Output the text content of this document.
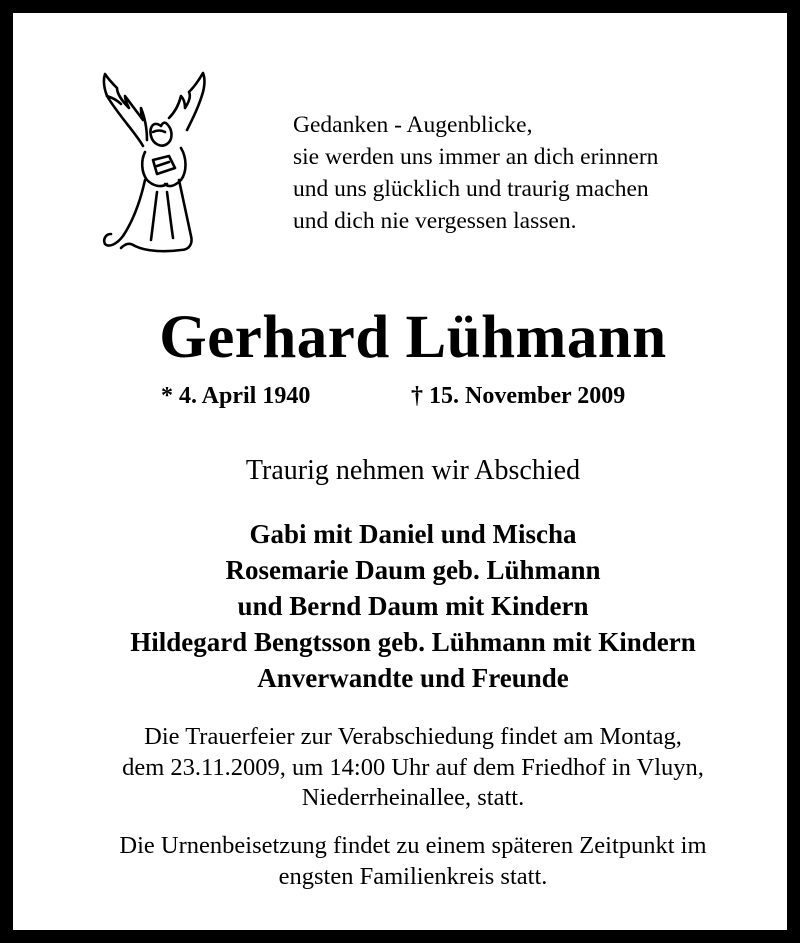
Gedanken - Augenblicke,
sie werden uns immer an dich erinnern
und uns glücklich und traurig machen
und dich nie vergessen lassen.
Gerhard Lühmann
* 4. April 1940	† 15. November 2009
Traurig nehmen wir Abschied
Gabi mit Daniel und Mischa
Rosemarie Daum geb. Lühmann
und Bernd Daum mit Kindern
Hildegard Bengtsson geb. Lühmann mit Kindern
Anverwandte und Freunde
Die Trauerfeier zur Verabschiedung findet am Montag,
dem 23.11.2009, um 14:00 Uhr auf dem Friedhof in Vluyn,
Niederrheinallee, statt.
Die Urnenbeisetzung findet zu einem späteren Zeitpunkt im
engsten Familienkreis statt.
